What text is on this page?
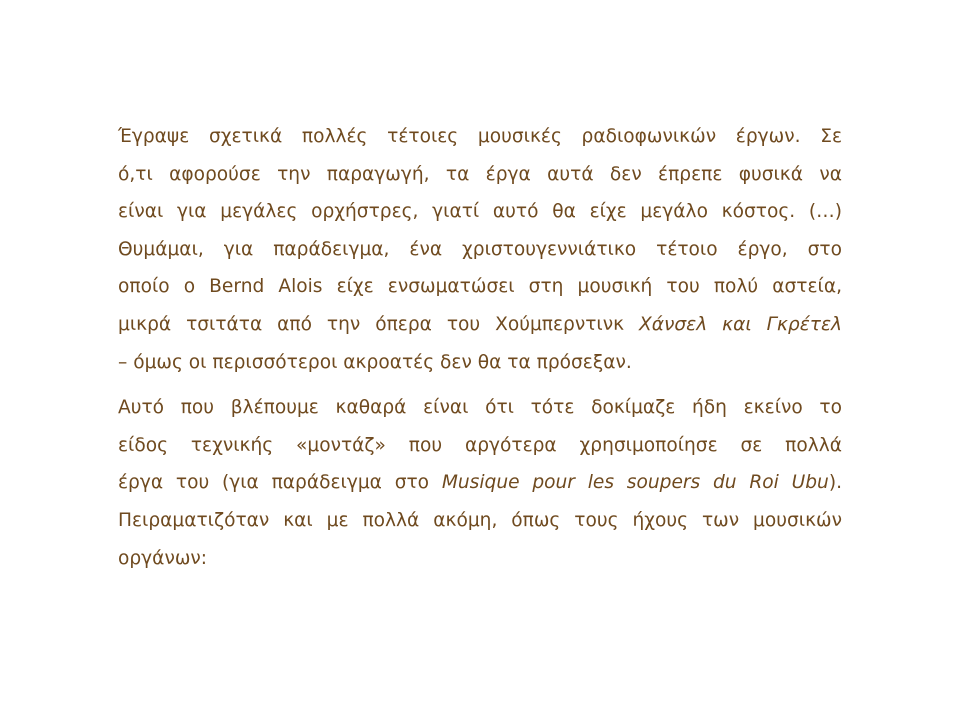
Έγραψε σχετικά πολλές τέτοιες μουσικές ραδιοφωνικών έργων. Σε
ό,τι αφορούσε την παραγωγή, τα έργα αυτά δεν έπρεπε φυσικά να
είναι για μεγάλες ορχήστρες, γιατί αυτό θα είχε μεγάλο κόστος. (…)
Θυμάμαι, για παράδειγμα, ένα χριστουγεννιάτικο τέτοιο έργο, στο
οποίο ο Bernd Alois είχε ενσωματώσει στη μουσική του πολύ αστεία,
μικρά τσιτάτα από την όπερα του Χούμπερντινκ Χάνσελ και Γκρέτελ
– όμως οι περισσότεροι ακροατές δεν θα τα πρόσεξαν.

Αυτό που βλέπουμε καθαρά είναι ότι τότε δοκίμαζε ήδη εκείνο το
είδος τεχνικής «μοντάζ» που αργότερα χρησιμοποίησε σε πολλά
έργα του (για παράδειγμα στο Musique pour les soupers du Roi Ubu).
Πειραματιζόταν και με πολλά ακόμη, όπως τους ήχους των μουσικών
οργάνων:
